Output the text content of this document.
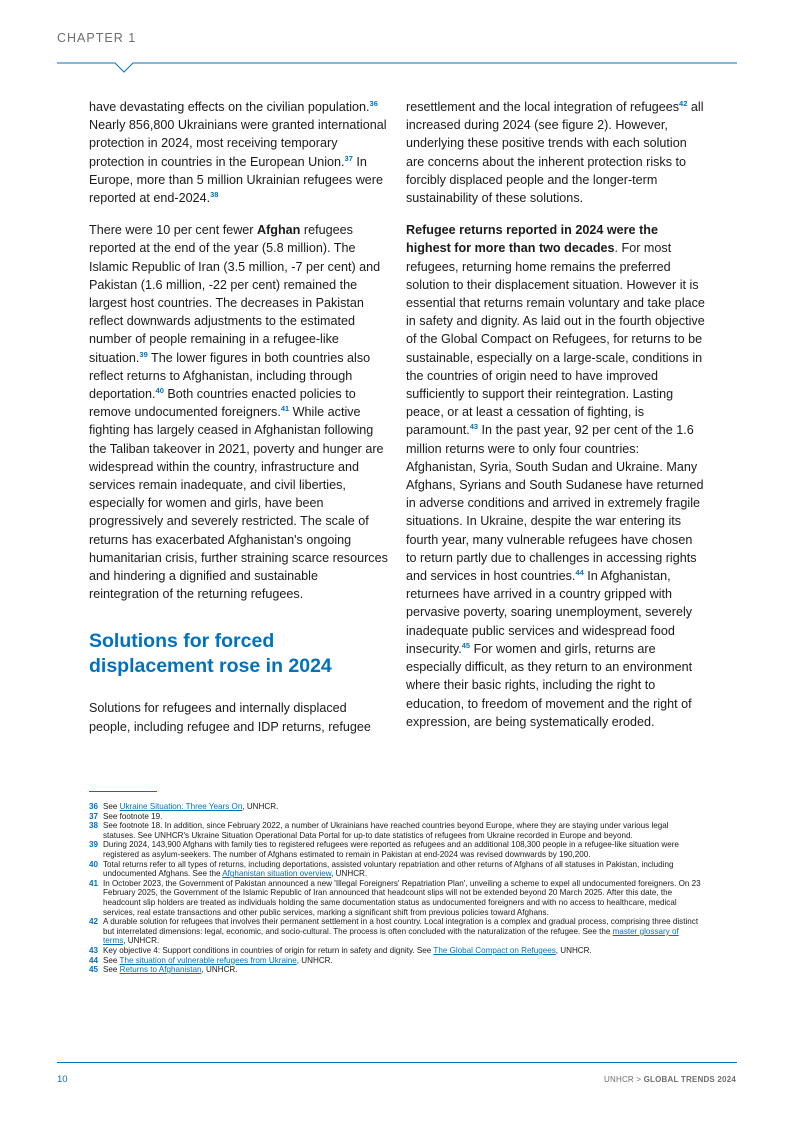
CHAPTER 1

have devastating effects on the civilian population.$^{36}$ Nearly 856,800 Ukrainians were granted international protection in 2024, most receiving temporary protection in countries in the European Union.$^{37}$ In Europe, more than 5 million Ukrainian refugees were reported at end-2024.38

There were 10 per cent fewer Afghan refugees reported at the end of the year (5.8 million). The Islamic Republic of Iran (3.5 million, -7 per cent) and Pakistan (1.6 million, -22 per cent) remained the largest host countries. The decreases in Pakistan reflect downwards adjustments to the estimated number of people remaining in a refugee-like situation.$^{39}$ The lower figures in both countries also reflect returns to Afghanistan, including through deportation.$^{40}$ Both countries enacted policies to remove undocumented foreigners.$^{41}$ While active fighting has largely ceased in Afghanistan following the Taliban takeover in 2021, poverty and hunger are widespread within the country, infrastructure and services remain inadequate, and civil liberties, especially for women and girls, have been progressively and severely restricted. The scale of returns has exacerbated Afghanistan's ongoing humanitarian crisis, further straining scarce resources and hindering a dignified and sustainable reintegration of the returning refugees.

Solutions for forced displacement rose in 2024

Solutions for refugees and internally displaced people, including refugee and IDP returns, refugee

resettlement and the local integration of refugees$^{42}$ all increased during 2024 (see figure 2). However, underlying these positive trends with each solution are concerns about the inherent protection risks to forcibly displaced people and the longer-term sustainability of these solutions.

Refugee returns reported in 2024 were the highest for more than two decades. For most refugees, returning home remains the preferred solution to their displacement situation. However it is essential that returns remain voluntary and take place in safety and dignity. As laid out in the fourth objective of the Global Compact on Refugees, for returns to be sustainable, especially on a large-scale, conditions in the countries of origin need to have improved sufficiently to support their reintegration. Lasting peace, or at least a cessation of fighting, is paramount.$^{43}$ In the past year, 92 per cent of the 1.6 million returns were to only four countries: Afghanistan, Syria, South Sudan and Ukraine. Many Afghans, Syrians and South Sudanese have returned in adverse conditions and arrived in extremely fragile situations. In Ukraine, despite the war entering its fourth year, many vulnerable refugees have chosen to return partly due to challenges in accessing rights and services in host countries.$^{44}$ In Afghanistan, returnees have arrived in a country gripped with pervasive poverty, soaring unemployment, severely inadequate public services and widespread food insecurity.$^{45}$ For women and girls, returns are especially difficult, as they return to an environment where their basic rights, including the right to education, to freedom of movement and the right of expression, are being systematically eroded.

36 See Ukraine Situation: Three Years On, UNHCR.
37 See footnote 19.
38 See footnote 18. In addition, since February 2022, a number of Ukrainians have reached countries beyond Europe, where they are staying under various legal statuses. See UNHCR's Ukraine Situation Operational Data Portal for up-to date statistics of refugees from Ukraine recorded in Europe and beyond.
39 During 2024, 143,900 Afghans with family ties to registered refugees were reported as refugees and an additional 108,300 people in a refugee-like situation were registered as asylum-seekers. The number of Afghans estimated to remain in Pakistan at end-2024 was revised downwards by 190,200.
40 Total returns refer to all types of returns, including deportations, assisted voluntary repatriation and other returns of Afghans of all statuses in Pakistan, including undocumented Afghans. See the Afghanistan situation overview, UNHCR.
41 In October 2023, the Government of Pakistan announced a new 'Illegal Foreigners' Repatriation Plan', unveiling a scheme to expel all undocumented foreigners. On 23 February 2025, the Government of the Islamic Republic of Iran announced that headcount slips will not be extended beyond 20 March 2025. After this date, the headcount slip holders are treated as individuals holding the same documentation status as undocumented foreigners and with no access to healthcare, medical services, real estate transactions and other public services, marking a significant shift from previous policies toward Afghans.
42 A durable solution for refugees that involves their permanent settlement in a host country. Local integration is a complex and gradual process, comprising three distinct but interrelated dimensions: legal, economic, and socio-cultural. The process is often concluded with the naturalization of the refugee. See the master glossary of terms, UNHCR.
43 Key objective 4: Support conditions in countries of origin for return in safety and dignity. See The Global Compact on Refugees, UNHCR.
44 See The situation of vulnerable refugees from Ukraine, UNHCR.
45 See Returns to Afghanistan, UNHCR.
10	UNHCR > GLOBAL TRENDS 2024
